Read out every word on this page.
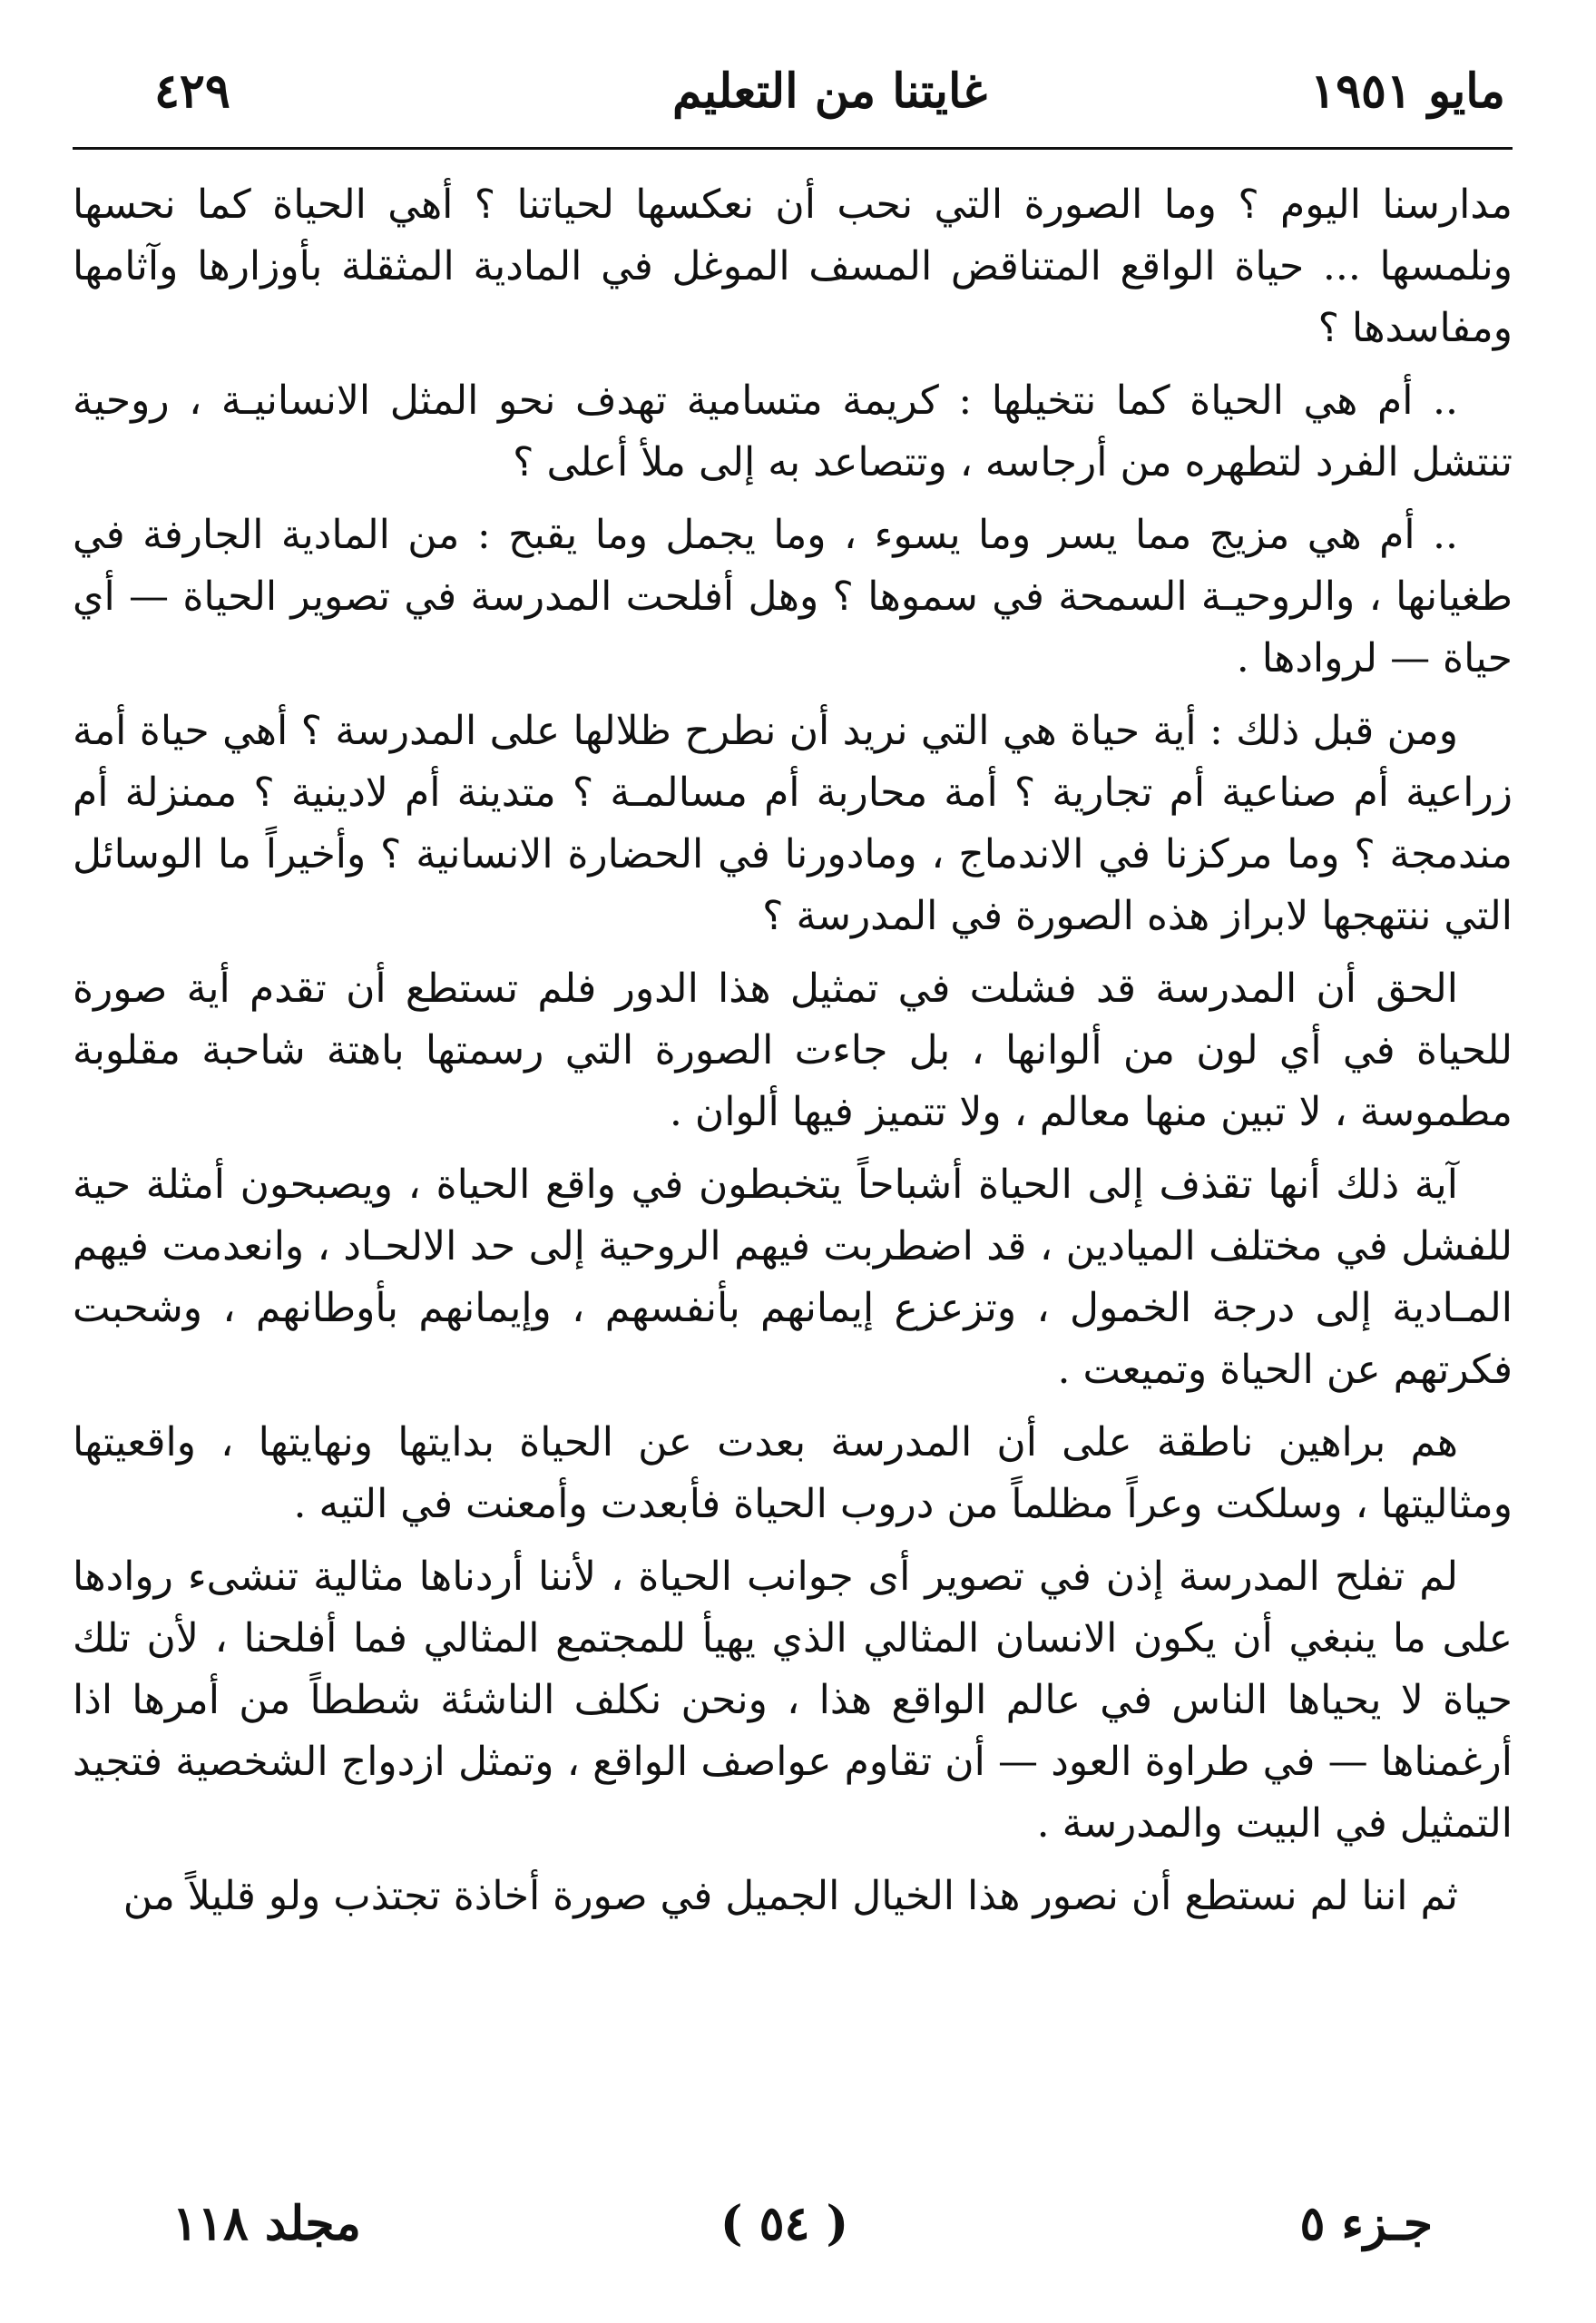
٤٢٩	غايتنا من التعليم	مايو ١٩٥١

مدارسنا اليوم ؟ وما الصورة التي نحب أن نعكسها لحياتنا ؟ أهي الحياة كما نحسها ونلمسها ... حياة الواقع المتناقض المسف الموغل في المادية المثقلة بأوزارها وآثامها ومفاسدها ؟

.. أم هي الحياة كما نتخيلها : كريمة متسامية تهدف نحو المثل الانسانيـة ، روحية تنتشل الفرد لتطهره من أرجاسه ، وتتصاعد به إلى ملأ أعلى ؟

.. أم هي مزيج مما يسر وما يسوء ، وما يجمل وما يقبح : من المادية الجارفة في طغيانها ، والروحيـة السمحة في سموها ؟ وهل أفلحت المدرسة في تصوير الحياة — أي حياة — لروادها .

ومن قبل ذلك : أية حياة هي التي نريد أن نطرح ظلالها على المدرسة ؟ أهي حياة أمة زراعية أم صناعية أم تجارية ؟ أمة محاربة أم مسالمـة ؟ متدينة أم لادينية ؟ ممنزلة أم مندمجة ؟ وما مركزنا في الاندماج ، ومادورنا في الحضارة الانسانية ؟ وأخيراً ما الوسائل التي ننتهجها لابراز هذه الصورة في المدرسة ؟

الحق أن المدرسة قد فشلت في تمثيل هذا الدور فلم تستطع أن تقدم أية صورة للحياة في أي لون من ألوانها ، بل جاءت الصورة التي رسمتها باهتة شاحبة مقلوبة مطموسة ، لا تبين منها معالم ، ولا تتميز فيها ألوان .

آية ذلك أنها تقذف إلى الحياة أشباحاً يتخبطون في واقع الحياة ، ويصبحون أمثلة حية للفشل في مختلف الميادين ، قد اضطربت فيهم الروحية إلى حد الالحـاد ، وانعدمت فيهم المـادية إلى درجة الخمول ، وتزعزع إيمانهم بأنفسهم ، وإيمانهم بأوطانهم ، وشحبت فكرتهم عن الحياة وتميعت .

هم براهين ناطقة على أن المدرسة بعدت عن الحياة بدايتها ونهايتها ، واقعيتها ومثاليتها ، وسلكت وعراً مظلماً من دروب الحياة فأبعدت وأمعنت في التيه .

لم تفلح المدرسة إذن في تصوير أى جوانب الحياة ، لأننا أردناها مثالية تنشىء روادها على ما ينبغي أن يكون الانسان المثالي الذي يهيأ للمجتمع المثالي فما أفلحنا ، لأن تلك حياة لا يحياها الناس في عالم الواقع هذا ، ونحن نكلف الناشئة شططاً من أمرها اذا أرغمناها — في طراوة العود — أن تقاوم عواصف الواقع ، وتمثل ازدواج الشخصية فتجيد التمثيل في البيت والمدرسة .

ثم اننا لم نستطع أن نصور هذا الخيال الجميل في صورة أخاذة تجتذب ولو قليلاً من

مجلد ١١٨	( ٥٤ )	جـزء ٥
